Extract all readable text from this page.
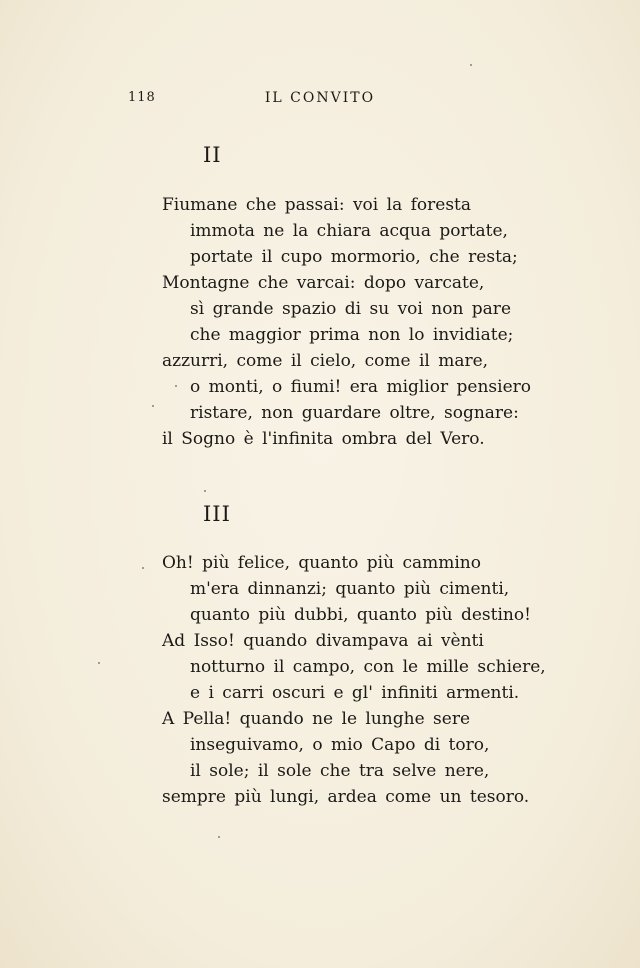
118	IL CONVITO
II
Fiumane che passai: voi la foresta
immota ne la chiara acqua portate,
portate il cupo mormorio, che resta;
Montagne che varcai: dopo varcate,
sì grande spazio di su voi non pare
che maggior prima non lo invidiate;
azzurri, come il cielo, come il mare,
o monti, o fiumi! era miglior pensiero
ristare, non guardare oltre, sognare:
il Sogno è l'infinita ombra del Vero.
III
Oh! più felice, quanto più cammino
m'era dinnanzi; quanto più cimenti,
quanto più dubbi, quanto più destino!
Ad Isso! quando divampava ai vènti
notturno il campo, con le mille schiere,
e i carri oscuri e gl' infiniti armenti.
A Pella! quando ne le lunghe sere
inseguivamo, o mio Capo di toro,
il sole; il sole che tra selve nere,
sempre più lungi, ardea come un tesoro.
